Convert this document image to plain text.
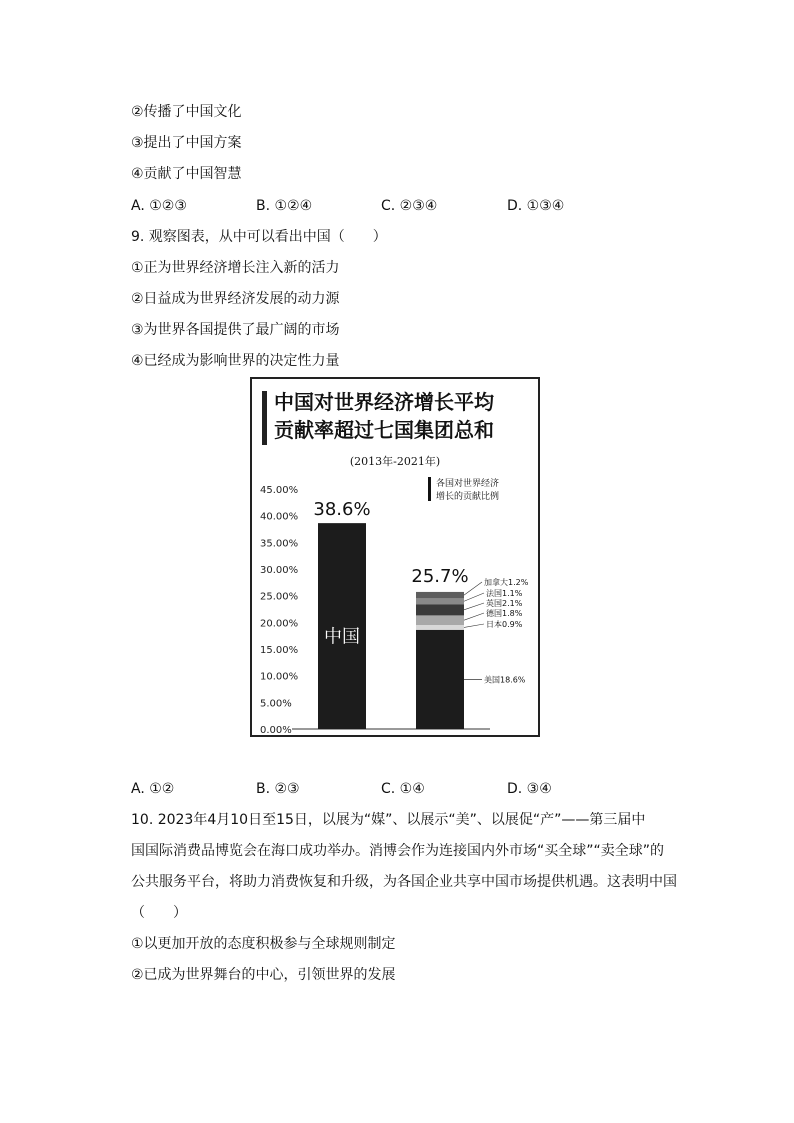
②传播了中国文化
③提出了中国方案
④贡献了中国智慧
A. ①②③	B. ①②④	C. ②③④	D. ①③④
9. 观察图表，从中可以看出中国（　　）
①正为世界经济增长注入新的活力
②日益成为世界经济发展的动力源
③为世界各国提供了最广阔的市场
④已经成为影响世界的决定性力量
中国对世界经济增长平均
贡献率超过七国集团总和
(2013年-2021年)
0.00%
5.00%
10.00%
15.00%
20.00%
25.00%
30.00%
35.00%
40.00%
45.00%
38.6%
中国
25.7%
美国18.6%
日本0.9%
德国1.8%
英国2.1%
法国1.1%
加拿大1.2%
各国对世界经济
增长的贡献比例
A. ①②	B. ②③	C. ①④	D. ③④
10. 2023年4月10日至15日，以展为“媒”、以展示“美”、以展促“产”——第三届中
国国际消费品博览会在海口成功举办。消博会作为连接国内外市场“买全球”“卖全球”的
公共服务平台，将助力消费恢复和升级，为各国企业共享中国市场提供机遇。这表明中国
（　　）
①以更加开放的态度积极参与全球规则制定
②已成为世界舞台的中心，引领世界的发展
